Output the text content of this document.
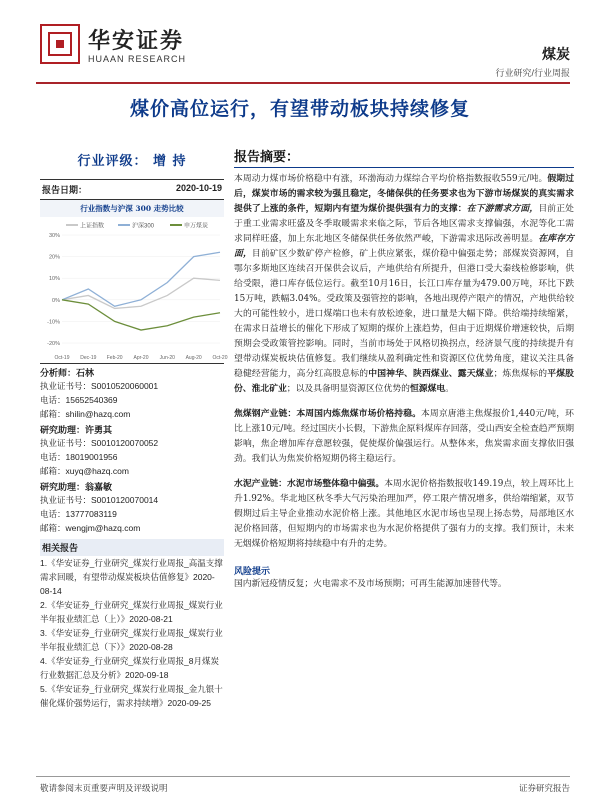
华安证券
HUAAN RESEARCH	煤炭
行业研究/行业周报
煤价高位运行，有望带动板块持续修复
行业评级： 增 持
报告日期：	2020-10-19
行业指数与沪深 300 走势比较
上证指数	沪深300	申万煤炭
-20%
-10%
0%
10%
20%
30%
Oct-19 Dec-19 Feb-20 Apr-20 Jun-20 Aug-20 Oct-20
分析师：石林
执业证书号：S0010520060001
电话：15652540369
邮箱：shilin@hazq.com
研究助理：许勇其
执业证书号：S0010120070052
电话：18019001956
邮箱：xuyq@hazq.com
研究助理：翁嘉敏
执业证书号：S0010120070014
电话：13777083119
邮箱：wengjm@hazq.com
相关报告
1.《华安证券_行业研究_煤炭行业周报_高温支撑需求回暖，有望带动煤炭板块估值修复》2020-08-14
2.《华安证券_行业研究_煤炭行业周报_煤炭行业半年报业绩汇总（上）》2020-08-21
3.《华安证券_行业研究_煤炭行业周报_煤炭行业半年报业绩汇总（下）》2020-08-28
4.《华安证券_行业研究_煤炭行业周报_8月煤炭行业数据汇总及分析》2020-09-18
5.《华安证券_行业研究_煤炭行业周报_金九银十催化煤价强势运行，需求持续增》2020-09-25
报告摘要：
本周动力煤市场价格稳中有涨，环渤海动力煤综合平均价格指数报收559元/吨。假期过后，煤炭市场的需求较为强且稳定，冬储保供的任务要求也为下游市场煤炭的真实需求提供了上涨的条件，短期内有望为煤价提供强有力的支撑：在下游需求方面，目前正处于重工业需求旺盛及冬季取暖需求来临之际，节后各地区需求支撑偏强，水泥等化工需求同样旺盛，加上东北地区冬储保供任务依然严峻，下游需求迅际改善明显。在库存方面，目前矿区少数矿停产检修，矿上供应紧张，煤价稳中偏强走势；部煤炭资源网，自鄂尔多斯地区连续召开保供会议后，产地供给有所提升，但港口受大秦线检修影响，供给受限，港口库存低位运行。截至10月16日，长江口库存量为479.00万吨，环比下跌15万吨，跌幅3.04%。受政策及强管控的影响，各地出现停产限产的情况，产地供给较大的可能性较小，进口煤端口也未有放松迹象，进口量是大幅下降。供给端持续缩紧，在需求日益增长的催化下形成了短期的煤价上涨趋势，但由于近期煤价增速较快，后期预期会受政策管控影响。同时，当前市场处于风格切换拐点，经济景气度的持续提升有望带动煤炭板块估值修复。我们继续从盈利确定性和资源区位优势角度，建议关注具备稳健经营能力，高分红高股息标的中国神华、陕西煤业、露天煤业；炼焦煤标的平煤股份、淮北矿业；以及具备明显资源区位优势的恒源煤电。
焦煤钢产业链：本周国内炼焦煤市场价格持稳。本周京唐港主焦煤报价1,440元/吨，环比上涨10元/吨。经过国庆小长假，下游焦企原料煤库存回落，受山西安全检查趋严预期影响，焦企增加库存意愿较强，促使煤价偏强运行。从整体来，焦炭需求面支撑依旧强劲。我们认为焦炭价格短期仍将主稳运行。
水泥产业链：水泥市场整体稳中偏强。本周水泥价格指数报收149.19点，较上周环比上升1.92%。华北地区秋冬季大气污染治理加严，停工限产情况增多，供给端缩紧，双节假期过后主导企业推动水泥价格上涨。其他地区水泥市场也呈现上扬态势，局部地区水泥价格回落，但短期内的市场需求也为水泥价格提供了强有力的支撑。我们预计，未来无烟煤价格短期将持续稳中有升的走势。
风险提示
国内新冠疫情反复；火电需求不及市场预期；可再生能源加速替代等。
敬请参阅末页重要声明及评级说明	证券研究报告
